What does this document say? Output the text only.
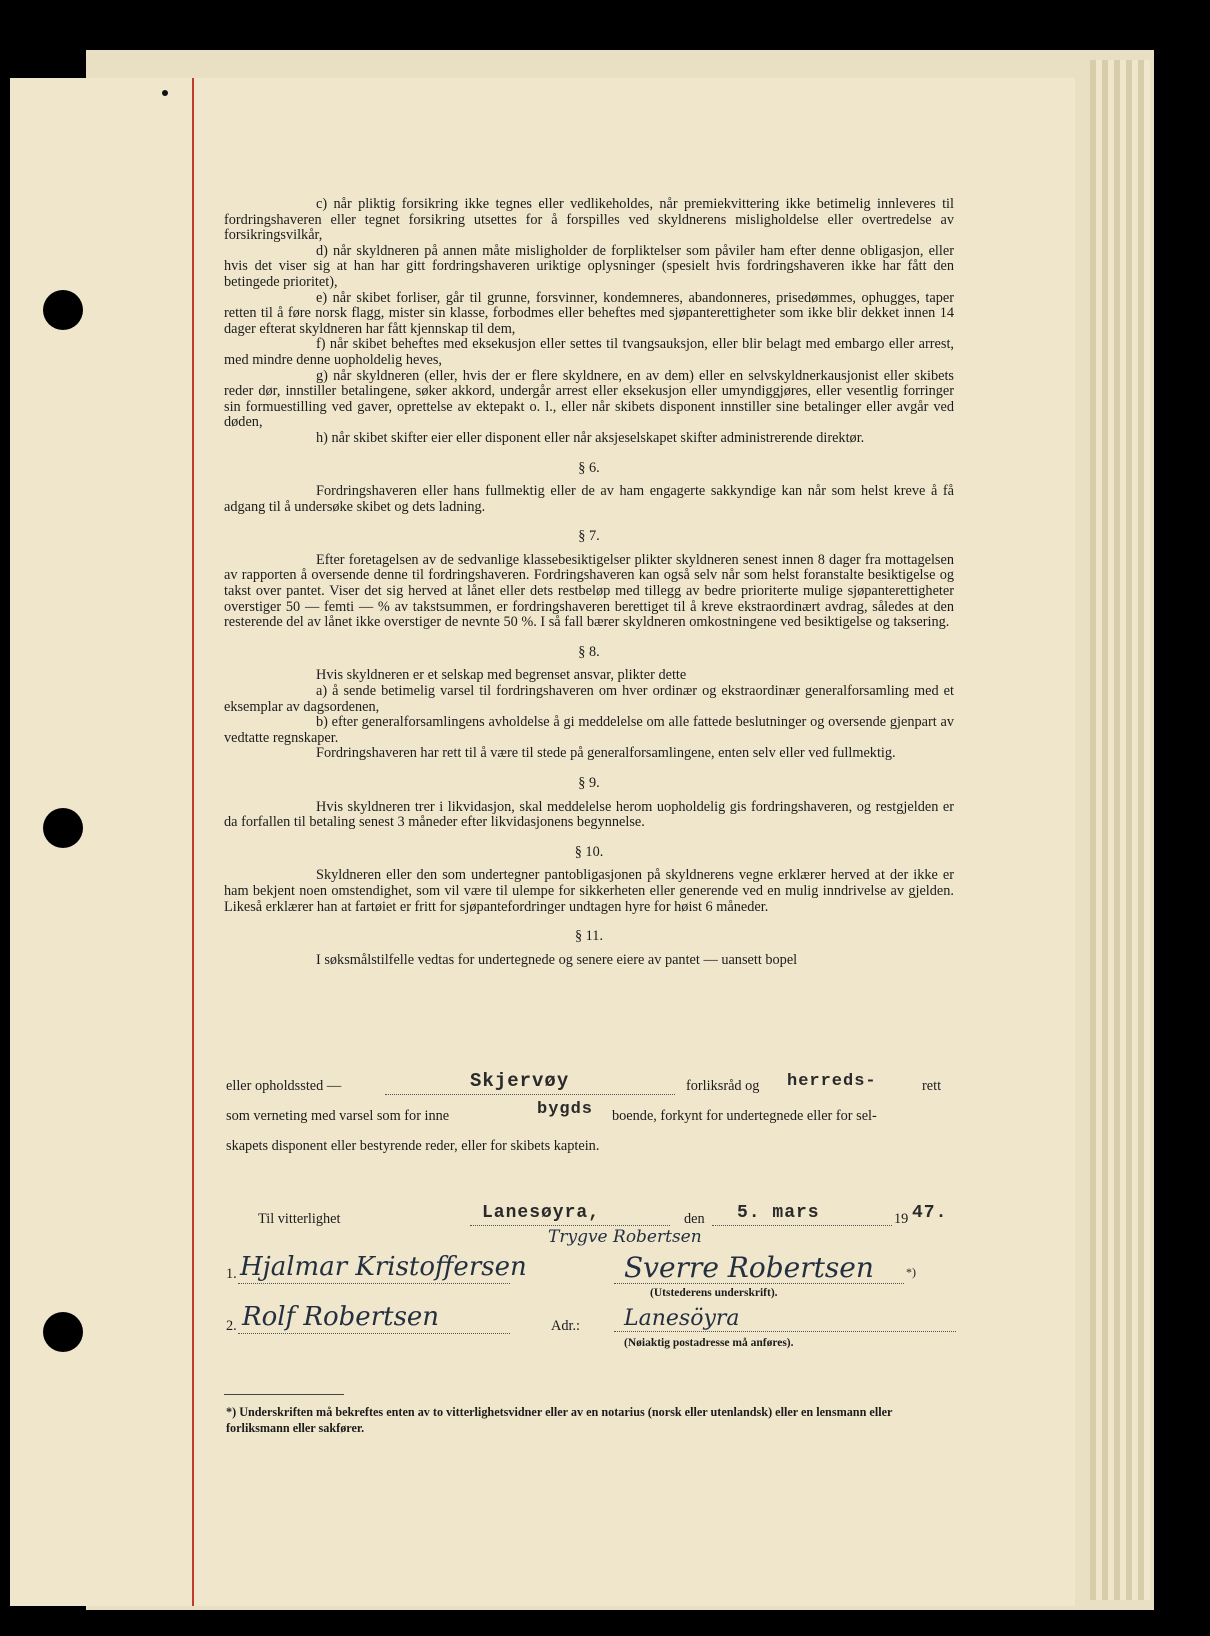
c) når pliktig forsikring ikke tegnes eller vedlikeholdes, når premiekvittering ikke betimelig innleveres til fordringshaveren eller tegnet forsikring utsettes for å forspilles ved skyldnerens misligholdelse eller overtredelse av forsikringsvilkår,

d) når skyldneren på annen måte misligholder de forpliktelser som påviler ham efter denne obligasjon, eller hvis det viser sig at han har gitt fordringshaveren uriktige oplysninger (spesielt hvis fordringshaveren ikke har fått den betingede prioritet),

e) når skibet forliser, går til grunne, forsvinner, kondemneres, abandonneres, prisedømmes, ophugges, taper retten til å føre norsk flagg, mister sin klasse, forbodmes eller beheftes med sjøpanterettigheter som ikke blir dekket innen 14 dager efterat skyldneren har fått kjennskap til dem,

f) når skibet beheftes med eksekusjon eller settes til tvangsauksjon, eller blir belagt med embargo eller arrest, med mindre denne uopholdelig heves,

g) når skyldneren (eller, hvis der er flere skyldnere, en av dem) eller en selvskyldnerkausjonist eller skibets reder dør, innstiller betalingene, søker akkord, undergår arrest eller eksekusjon eller umyndiggjøres, eller vesentlig forringer sin formuestilling ved gaver, oprettelse av ektepakt o. l., eller når skibets disponent innstiller sine betalinger eller avgår ved døden,

h) når skibet skifter eier eller disponent eller når aksjeselskapet skifter administrerende direktør.

§ 6.

Fordringshaveren eller hans fullmektig eller de av ham engagerte sakkyndige kan når som helst kreve å få adgang til å undersøke skibet og dets ladning.

§ 7.

Efter foretagelsen av de sedvanlige klassebesiktigelser plikter skyldneren senest innen 8 dager fra mottagelsen av rapporten å oversende denne til fordringshaveren. Fordringshaveren kan også selv når som helst foranstalte besiktigelse og takst over pantet. Viser det sig herved at lånet eller dets restbeløp med tillegg av bedre prioriterte mulige sjøpanterettigheter overstiger 50 — femti — % av takstsummen, er fordringshaveren berettiget til å kreve ekstraordinært avdrag, således at den resterende del av lånet ikke overstiger de nevnte 50 %. I så fall bærer skyldneren omkostningene ved besiktigelse og taksering.

§ 8.

Hvis skyldneren er et selskap med begrenset ansvar, plikter dette

a) å sende betimelig varsel til fordringshaveren om hver ordinær og ekstraordinær generalforsamling med et eksemplar av dagsordenen,

b) efter generalforsamlingens avholdelse å gi meddelelse om alle fattede beslutninger og oversende gjenpart av vedtatte regnskaper.

Fordringshaveren har rett til å være til stede på generalforsamlingene, enten selv eller ved fullmektig.

§ 9.

Hvis skyldneren trer i likvidasjon, skal meddelelse herom uopholdelig gis fordringshaveren, og restgjelden er da forfallen til betaling senest 3 måneder efter likvidasjonens begynnelse.

§ 10.

Skyldneren eller den som undertegner pantobligasjonen på skyldnerens vegne erklærer herved at der ikke er ham bekjent noen omstendighet, som vil være til ulempe for sikkerheten eller generende ved en mulig inndrivelse av gjelden. Likeså erklærer han at fartøiet er fritt for sjøpantefordringer undtagen hyre for høist 6 måneder.

§ 11.

I søksmålstilfelle vedtas for undertegnede og senere eiere av pantet — uansett bopel

eller opholdssted —	Skjervøy	forliksråd og herreds-	rett
som verneting med varsel som for inne	bygds boende, forkynt for undertegnede eller for sel-
skapets disponent eller bestyrende reder, eller for skibets kaptein.
Til vitterlighet	Lanesøyra,	den 5. mars	19 47.
1. Hjalmar Kristoffersen
Trygve Robertsen
Sverre Robertsen	*)
(Utstederens underskrift).
2. Rolf Robertsen	Adr.: Lanesöyra
(Nøiaktig postadresse må anføres).
*) Underskriften må bekreftes enten av to vitterlighetsvidner eller av en notarius (norsk eller utenlandsk) eller en lensmann eller forliksmann eller sakfører.
